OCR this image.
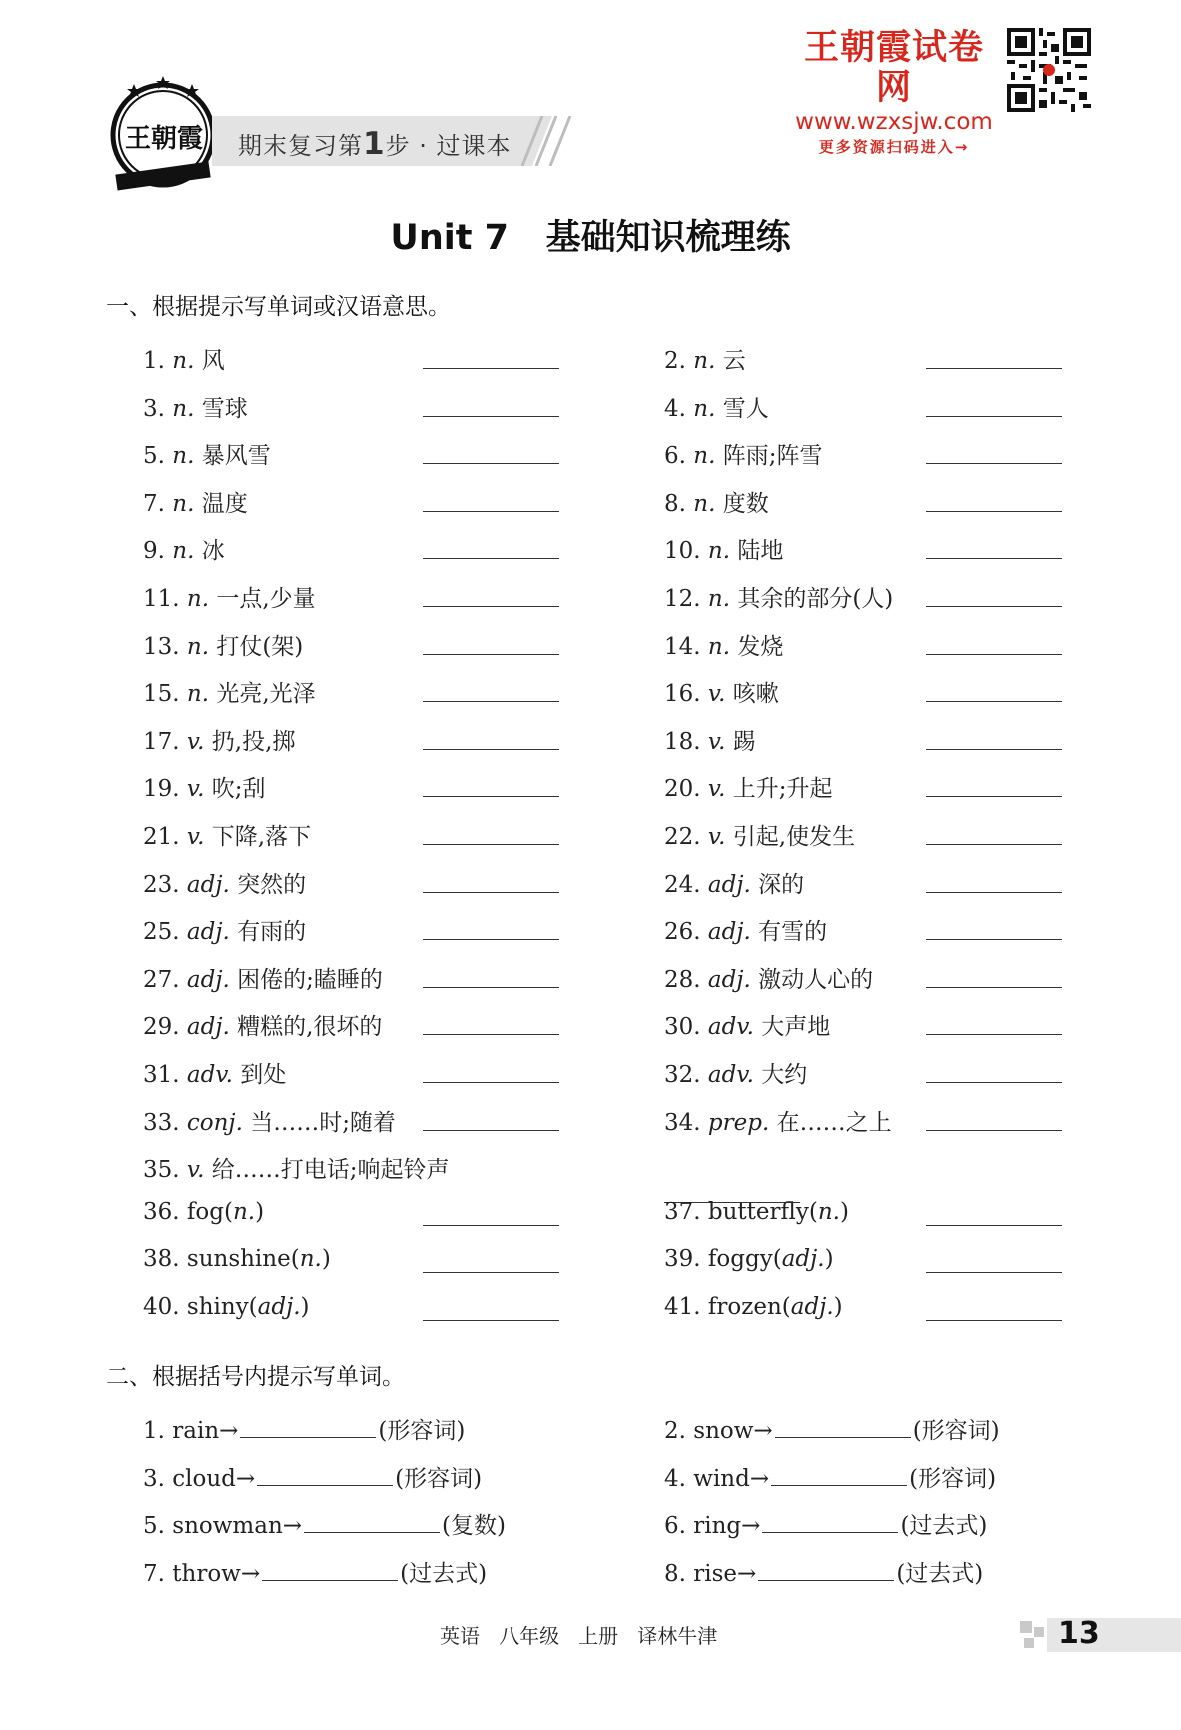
王朝霞	期末复习第1步 · 过课本
王朝霞试卷网
www.wzxsjw.com
更多资源扫码进入→
Unit 7   基础知识梳理练
一、根据提示写单词或汉语意思。
1. n. 风	2. n. 云
3. n. 雪球	4. n. 雪人
5. n. 暴风雪	6. n. 阵雨;阵雪
7. n. 温度	8. n. 度数
9. n. 冰	10. n. 陆地
11. n. 一点,少量	12. n. 其余的部分(人)
13. n. 打仗(架)	14. n. 发烧
15. n. 光亮,光泽	16. v. 咳嗽
17. v. 扔,投,掷	18. v. 踢
19. v. 吹;刮	20. v. 上升;升起
21. v. 下降,落下	22. v. 引起,使发生
23. adj. 突然的	24. adj. 深的
25. adj. 有雨的	26. adj. 有雪的
27. adj. 困倦的;瞌睡的	28. adj. 激动人心的
29. adj. 糟糕的,很坏的	30. adv. 大声地
31. adv. 到处	32. adv. 大约
33. conj. 当……时;随着	34. prep. 在……之上
35. v. 给……打电话;响起铃声
36. fog(n.)	37. butterfly(n.)
38. sunshine(n.)	39. foggy(adj.)
40. shiny(adj.)	41. frozen(adj.)
二、根据括号内提示写单词。
1. rain→	(形容词)	2. snow→	(形容词)
3. cloud→	(形容词)	4. wind→	(形容词)
5. snowman→	(复数)	6. ring→	(过去式)
7. throw→	(过去式)	8. rise→	(过去式)
英语   八年级   上册   译林牛津	13
